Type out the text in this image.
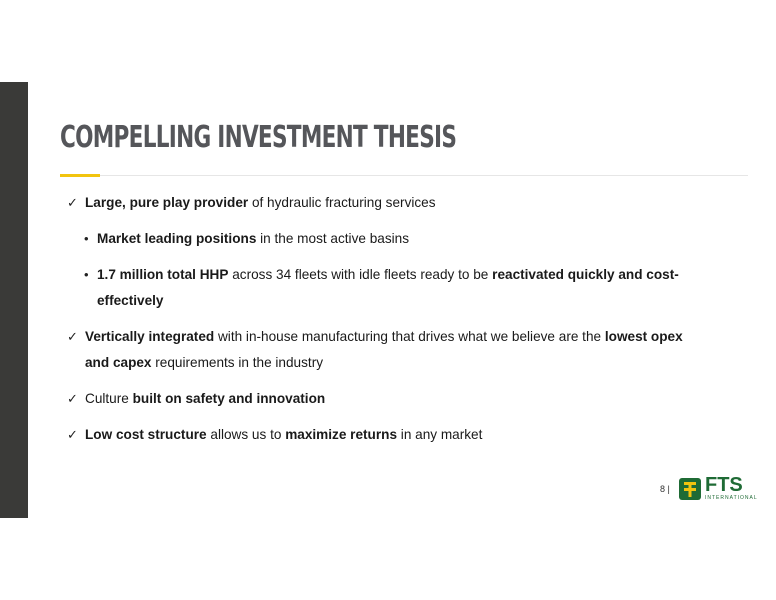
COMPELLING INVESTMENT THESIS
✓ Large, pure play provider of hydraulic fracturing services
• Market leading positions in the most active basins
• 1.7 million total HHP across 34 fleets with idle fleets ready to be reactivated quickly and cost-effectively
✓ Vertically integrated with in-house manufacturing that drives what we believe are the lowest opex and capex requirements in the industry
✓ Culture built on safety and innovation
✓ Low cost structure allows us to maximize returns in any market
8 | FTS
INTERNATIONAL
